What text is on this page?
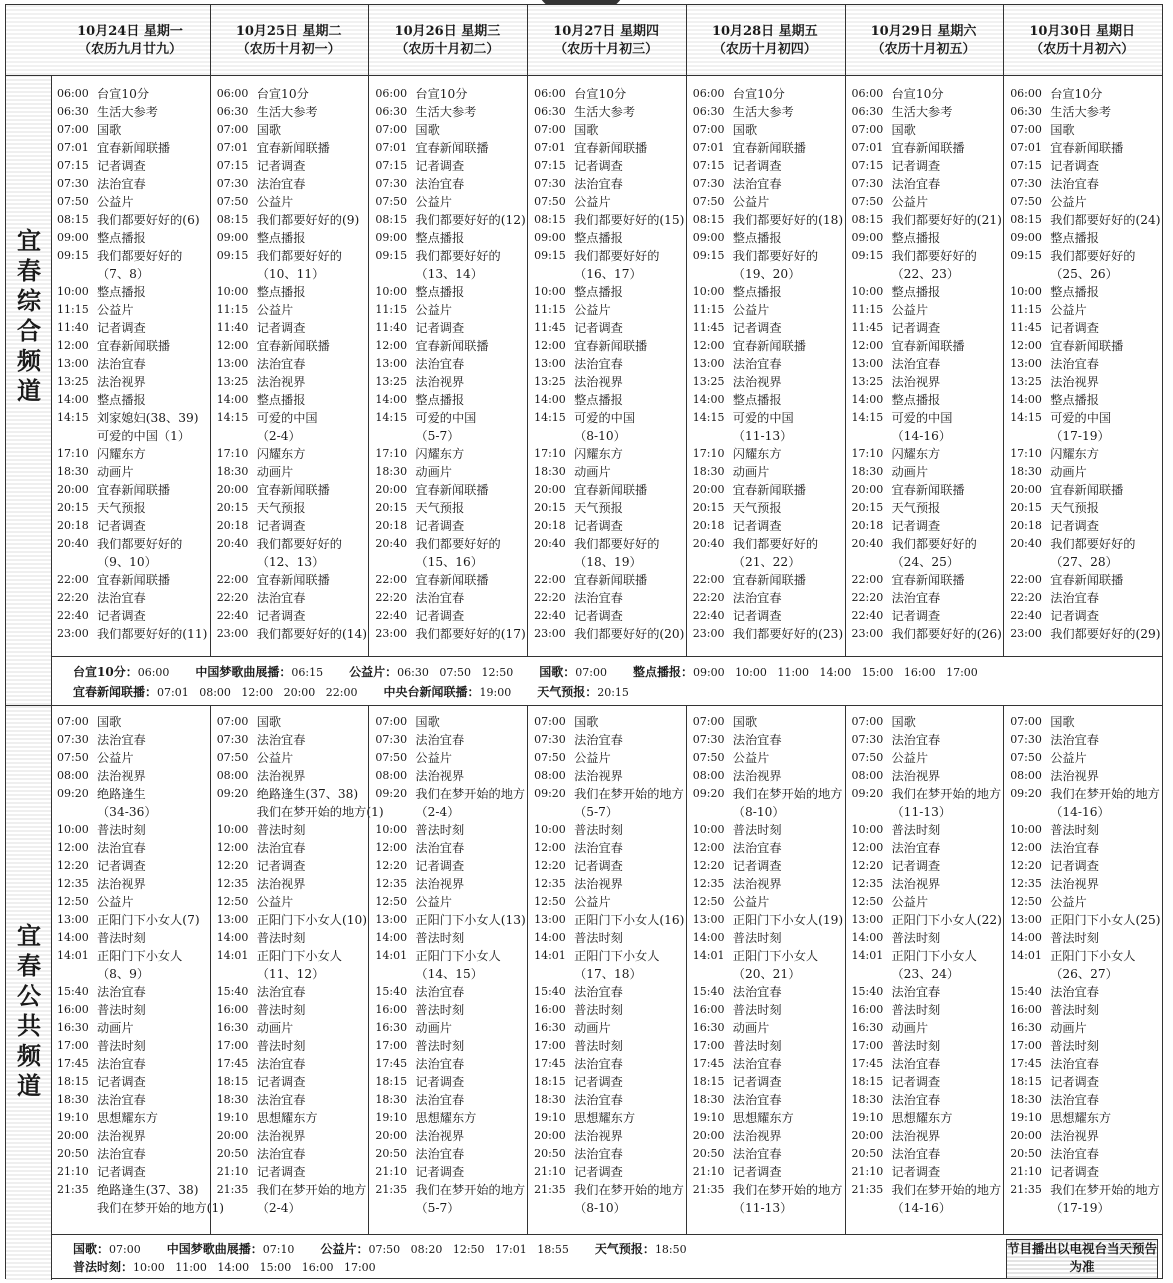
10月24日 星期一
（农历九月廿九）
10月25日 星期二
（农历十月初一）
10月26日 星期三
（农历十月初二）
10月27日 星期四
（农历十月初三）
10月28日 星期五
（农历十月初四）
10月29日 星期六
（农历十月初五）
10月30日 星期日
（农历十月初六）
宜春综合频道
06:00 台宣10分
06:30 生活大参考
07:00 国歌
07:01 宜春新闻联播
07:15 记者调查
07:30 法治宜春
07:50 公益片
08:15 我们都要好好的(6)
09:00 整点播报
09:15 我们都要好好的
（7、8）
10:00 整点播报
11:15 公益片
11:40 记者调查
12:00 宜春新闻联播
13:00 法治宜春
13:25 法治视界
14:00 整点播报
14:15 刘家媳妇(38、39)
可爱的中国（1）
17:10 闪耀东方
18:30 动画片
20:00 宜春新闻联播
20:15 天气预报
20:18 记者调查
20:40 我们都要好好的
（9、10）
22:00 宜春新闻联播
22:20 法治宜春
22:40 记者调查
23:00 我们都要好好的(11)
06:00 台宣10分
06:30 生活大参考
07:00 国歌
07:01 宜春新闻联播
07:15 记者调查
07:30 法治宜春
07:50 公益片
08:15 我们都要好好的(9)
09:00 整点播报
09:15 我们都要好好的
（10、11）
10:00 整点播报
11:15 公益片
11:40 记者调查
12:00 宜春新闻联播
13:00 法治宜春
13:25 法治视界
14:00 整点播报
14:15 可爱的中国
（2-4）
17:10 闪耀东方
18:30 动画片
20:00 宜春新闻联播
20:15 天气预报
20:18 记者调查
20:40 我们都要好好的
（12、13）
22:00 宜春新闻联播
22:20 法治宜春
22:40 记者调查
23:00 我们都要好好的(14)
06:00 台宣10分
06:30 生活大参考
07:00 国歌
07:01 宜春新闻联播
07:15 记者调查
07:30 法治宜春
07:50 公益片
08:15 我们都要好好的(12)
09:00 整点播报
09:15 我们都要好好的
（13、14）
10:00 整点播报
11:15 公益片
11:40 记者调查
12:00 宜春新闻联播
13:00 法治宜春
13:25 法治视界
14:00 整点播报
14:15 可爱的中国
（5-7）
17:10 闪耀东方
18:30 动画片
20:00 宜春新闻联播
20:15 天气预报
20:18 记者调查
20:40 我们都要好好的
（15、16）
22:00 宜春新闻联播
22:20 法治宜春
22:40 记者调查
23:00 我们都要好好的(17)
06:00 台宣10分
06:30 生活大参考
07:00 国歌
07:01 宜春新闻联播
07:15 记者调查
07:30 法治宜春
07:50 公益片
08:15 我们都要好好的(15)
09:00 整点播报
09:15 我们都要好好的
（16、17）
10:00 整点播报
11:15 公益片
11:45 记者调查
12:00 宜春新闻联播
13:00 法治宜春
13:25 法治视界
14:00 整点播报
14:15 可爱的中国
（8-10）
17:10 闪耀东方
18:30 动画片
20:00 宜春新闻联播
20:15 天气预报
20:18 记者调查
20:40 我们都要好好的
（18、19）
22:00 宜春新闻联播
22:20 法治宜春
22:40 记者调查
23:00 我们都要好好的(20)
06:00 台宣10分
06:30 生活大参考
07:00 国歌
07:01 宜春新闻联播
07:15 记者调查
07:30 法治宜春
07:50 公益片
08:15 我们都要好好的(18)
09:00 整点播报
09:15 我们都要好好的
（19、20）
10:00 整点播报
11:15 公益片
11:45 记者调查
12:00 宜春新闻联播
13:00 法治宜春
13:25 法治视界
14:00 整点播报
14:15 可爱的中国
（11-13）
17:10 闪耀东方
18:30 动画片
20:00 宜春新闻联播
20:15 天气预报
20:18 记者调查
20:40 我们都要好好的
（21、22）
22:00 宜春新闻联播
22:20 法治宜春
22:40 记者调查
23:00 我们都要好好的(23)
06:00 台宣10分
06:30 生活大参考
07:00 国歌
07:01 宜春新闻联播
07:15 记者调查
07:30 法治宜春
07:50 公益片
08:15 我们都要好好的(21)
09:00 整点播报
09:15 我们都要好好的
（22、23）
10:00 整点播报
11:15 公益片
11:45 记者调查
12:00 宜春新闻联播
13:00 法治宜春
13:25 法治视界
14:00 整点播报
14:15 可爱的中国
（14-16）
17:10 闪耀东方
18:30 动画片
20:00 宜春新闻联播
20:15 天气预报
20:18 记者调查
20:40 我们都要好好的
（24、25）
22:00 宜春新闻联播
22:20 法治宜春
22:40 记者调查
23:00 我们都要好好的(26)
06:00 台宣10分
06:30 生活大参考
07:00 国歌
07:01 宜春新闻联播
07:15 记者调查
07:30 法治宜春
07:50 公益片
08:15 我们都要好好的(24)
09:00 整点播报
09:15 我们都要好好的
（25、26）
10:00 整点播报
11:15 公益片
11:45 记者调查
12:00 宜春新闻联播
13:00 法治宜春
13:25 法治视界
14:00 整点播报
14:15 可爱的中国
（17-19）
17:10 闪耀东方
18:30 动画片
20:00 宜春新闻联播
20:15 天气预报
20:18 记者调查
20:40 我们都要好好的
（27、28）
22:00 宜春新闻联播
22:20 法治宜春
22:40 记者调查
23:00 我们都要好好的(29)
台宣10分：06:00 中国梦歌曲展播：06:15 公益片：06:30   07:50   12:50 国歌：07:00 整点播报：09:00   10:00   11:00   14:00   15:00   16:00   17:00
宜春新闻联播：07:01   08:00   12:00   20:00   22:00 中央台新闻联播：19:00 天气预报：20:15
宜春公共频道
07:00 国歌
07:30 法治宜春
07:50 公益片
08:00 法治视界
09:20 绝路逢生
（34-36）
10:00 普法时刻
12:00 法治宜春
12:20 记者调查
12:35 法治视界
12:50 公益片
13:00 正阳门下小女人(7)
14:00 普法时刻
14:01 正阳门下小女人
（8、9）
15:40 法治宜春
16:00 普法时刻
16:30 动画片
17:00 普法时刻
17:45 法治宜春
18:15 记者调查
18:30 法治宜春
19:10 思想耀东方
20:00 法治视界
20:50 法治宜春
21:10 记者调查
21:35 绝路逢生(37、38)
我们在梦开始的地方(1)
07:00 国歌
07:30 法治宜春
07:50 公益片
08:00 法治视界
09:20 绝路逢生(37、38)
我们在梦开始的地方(1)
10:00 普法时刻
12:00 法治宜春
12:20 记者调查
12:35 法治视界
12:50 公益片
13:00 正阳门下小女人(10)
14:00 普法时刻
14:01 正阳门下小女人
（11、12）
15:40 法治宜春
16:00 普法时刻
16:30 动画片
17:00 普法时刻
17:45 法治宜春
18:15 记者调查
18:30 法治宜春
19:10 思想耀东方
20:00 法治视界
20:50 法治宜春
21:10 记者调查
21:35 我们在梦开始的地方
（2-4）
07:00 国歌
07:30 法治宜春
07:50 公益片
08:00 法治视界
09:20 我们在梦开始的地方
（2-4）
10:00 普法时刻
12:00 法治宜春
12:20 记者调查
12:35 法治视界
12:50 公益片
13:00 正阳门下小女人(13)
14:00 普法时刻
14:01 正阳门下小女人
（14、15）
15:40 法治宜春
16:00 普法时刻
16:30 动画片
17:00 普法时刻
17:45 法治宜春
18:15 记者调查
18:30 法治宜春
19:10 思想耀东方
20:00 法治视界
20:50 法治宜春
21:10 记者调查
21:35 我们在梦开始的地方
（5-7）
07:00 国歌
07:30 法治宜春
07:50 公益片
08:00 法治视界
09:20 我们在梦开始的地方
（5-7）
10:00 普法时刻
12:00 法治宜春
12:20 记者调查
12:35 法治视界
12:50 公益片
13:00 正阳门下小女人(16)
14:00 普法时刻
14:01 正阳门下小女人
（17、18）
15:40 法治宜春
16:00 普法时刻
16:30 动画片
17:00 普法时刻
17:45 法治宜春
18:15 记者调查
18:30 法治宜春
19:10 思想耀东方
20:00 法治视界
20:50 法治宜春
21:10 记者调查
21:35 我们在梦开始的地方
（8-10）
07:00 国歌
07:30 法治宜春
07:50 公益片
08:00 法治视界
09:20 我们在梦开始的地方
（8-10）
10:00 普法时刻
12:00 法治宜春
12:20 记者调查
12:35 法治视界
12:50 公益片
13:00 正阳门下小女人(19)
14:00 普法时刻
14:01 正阳门下小女人
（20、21）
15:40 法治宜春
16:00 普法时刻
16:30 动画片
17:00 普法时刻
17:45 法治宜春
18:15 记者调查
18:30 法治宜春
19:10 思想耀东方
20:00 法治视界
20:50 法治宜春
21:10 记者调查
21:35 我们在梦开始的地方
（11-13）
07:00 国歌
07:30 法治宜春
07:50 公益片
08:00 法治视界
09:20 我们在梦开始的地方
（11-13）
10:00 普法时刻
12:00 法治宜春
12:20 记者调查
12:35 法治视界
12:50 公益片
13:00 正阳门下小女人(22)
14:00 普法时刻
14:01 正阳门下小女人
（23、24）
15:40 法治宜春
16:00 普法时刻
16:30 动画片
17:00 普法时刻
17:45 法治宜春
18:15 记者调查
18:30 法治宜春
19:10 思想耀东方
20:00 法治视界
20:50 法治宜春
21:10 记者调查
21:35 我们在梦开始的地方
（14-16）
07:00 国歌
07:30 法治宜春
07:50 公益片
08:00 法治视界
09:20 我们在梦开始的地方
（14-16）
10:00 普法时刻
12:00 法治宜春
12:20 记者调查
12:35 法治视界
12:50 公益片
13:00 正阳门下小女人(25)
14:00 普法时刻
14:01 正阳门下小女人
（26、27）
15:40 法治宜春
16:00 普法时刻
16:30 动画片
17:00 普法时刻
17:45 法治宜春
18:15 记者调查
18:30 法治宜春
19:10 思想耀东方
20:00 法治视界
20:50 法治宜春
21:10 记者调查
21:35 我们在梦开始的地方
（17-19）
国歌：07:00 中国梦歌曲展播：07:10 公益片：07:50   08:20   12:50   17:01   18:55 天气预报：18:50
普法时刻：10:00   11:00   14:00   15:00   16:00   17:00
节目播出以电视台当天预告为准
